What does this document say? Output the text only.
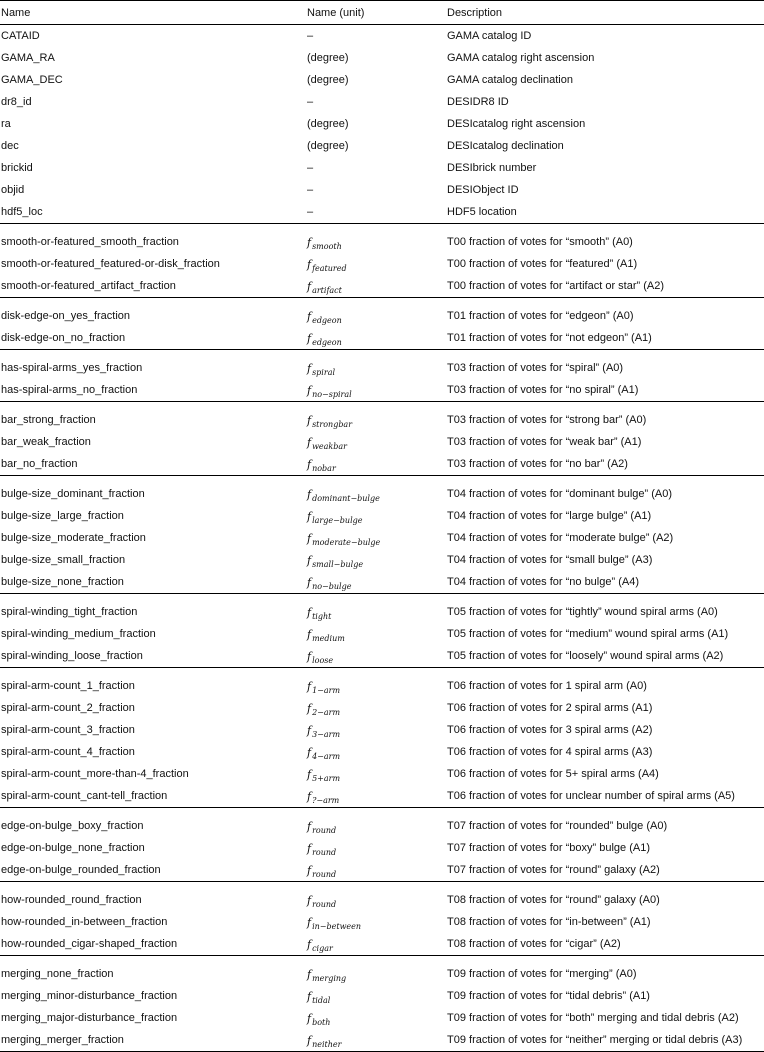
Name	Name (unit)	Description
CATAID	–	GAMA catalog ID
GAMA_RA	(degree)	GAMA catalog right ascension
GAMA_DEC	(degree)	GAMA catalog declination
dr8_id	–	DESIDR8 ID
ra	(degree)	DESIcatalog right ascension
dec	(degree)	DESIcatalog declination
brickid	–	DESIbrick number
objid	–	DESIObject ID
hdf5_loc	–	HDF5 location
smooth-or-featured_smooth_fraction	$f_{smooth}$	T00 fraction of votes for “smooth” (A0)
smooth-or-featured_featured-or-disk_fraction	$f_{featured}$	T00 fraction of votes for “featured” (A1)
smooth-or-featured_artifact_fraction	$f_{artifact}$	T00 fraction of votes for “artifact or star” (A2)
disk-edge-on_yes_fraction	$f_{edgeon}$	T01 fraction of votes for “edgeon” (A0)
disk-edge-on_no_fraction	$f_{edgeon}$	T01 fraction of votes for “not edgeon” (A1)
has-spiral-arms_yes_fraction	$f_{spiral}$	T03 fraction of votes for “spiral” (A0)
has-spiral-arms_no_fraction	$f_{no-spiral}$	T03 fraction of votes for “no spiral” (A1)
bar_strong_fraction	$f_{strongbar}$	T03 fraction of votes for “strong bar” (A0)
bar_weak_fraction	$f_{weakbar}$	T03 fraction of votes for “weak bar” (A1)
bar_no_fraction	$f_{nobar}$	T03 fraction of votes for “no bar” (A2)
bulge-size_dominant_fraction	$f_{dominant-bulge}$	T04 fraction of votes for “dominant bulge” (A0)
bulge-size_large_fraction	$f_{large-bulge}$	T04 fraction of votes for “large bulge” (A1)
bulge-size_moderate_fraction	$f_{moderate-bulge}$	T04 fraction of votes for “moderate bulge” (A2)
bulge-size_small_fraction	$f_{small-bulge}$	T04 fraction of votes for “small bulge” (A3)
bulge-size_none_fraction	$f_{no-bulge}$	T04 fraction of votes for “no bulge” (A4)
spiral-winding_tight_fraction	$f_{tight}$	T05 fraction of votes for “tightly” wound spiral arms (A0)
spiral-winding_medium_fraction	$f_{medium}$	T05 fraction of votes for “medium” wound spiral arms (A1)
spiral-winding_loose_fraction	$f_{loose}$	T05 fraction of votes for “loosely” wound spiral arms (A2)
spiral-arm-count_1_fraction	$f_{1-arm}$	T06 fraction of votes for 1 spiral arm (A0)
spiral-arm-count_2_fraction	$f_{2-arm}$	T06 fraction of votes for 2 spiral arms (A1)
spiral-arm-count_3_fraction	$f_{3-arm}$	T06 fraction of votes for 3 spiral arms (A2)
spiral-arm-count_4_fraction	$f_{4-arm}$	T06 fraction of votes for 4 spiral arms (A3)
spiral-arm-count_more-than-4_fraction	$f_{5+arm}$	T06 fraction of votes for 5+ spiral arms (A4)
spiral-arm-count_cant-tell_fraction	$f_{?-arm}$	T06 fraction of votes for unclear number of spiral arms (A5)
edge-on-bulge_boxy_fraction	$f_{round}$	T07 fraction of votes for “rounded” bulge (A0)
edge-on-bulge_none_fraction	$f_{round}$	T07 fraction of votes for “boxy” bulge (A1)
edge-on-bulge_rounded_fraction	$f_{round}$	T07 fraction of votes for “round” galaxy (A2)
how-rounded_round_fraction	$f_{round}$	T08 fraction of votes for “round” galaxy (A0)
how-rounded_in-between_fraction	$f_{in-between}$	T08 fraction of votes for “in-between” (A1)
how-rounded_cigar-shaped_fraction	$f_{cigar}$	T08 fraction of votes for “cigar” (A2)
merging_none_fraction	$f_{merging}$	T09 fraction of votes for “merging” (A0)
merging_minor-disturbance_fraction	$f_{tidal}$	T09 fraction of votes for “tidal debris” (A1)
merging_major-disturbance_fraction	$f_{both}$	T09 fraction of votes for “both” merging and tidal debris (A2)
merging_merger_fraction	$f_{neither}$	T09 fraction of votes for “neither” merging or tidal debris (A3)
